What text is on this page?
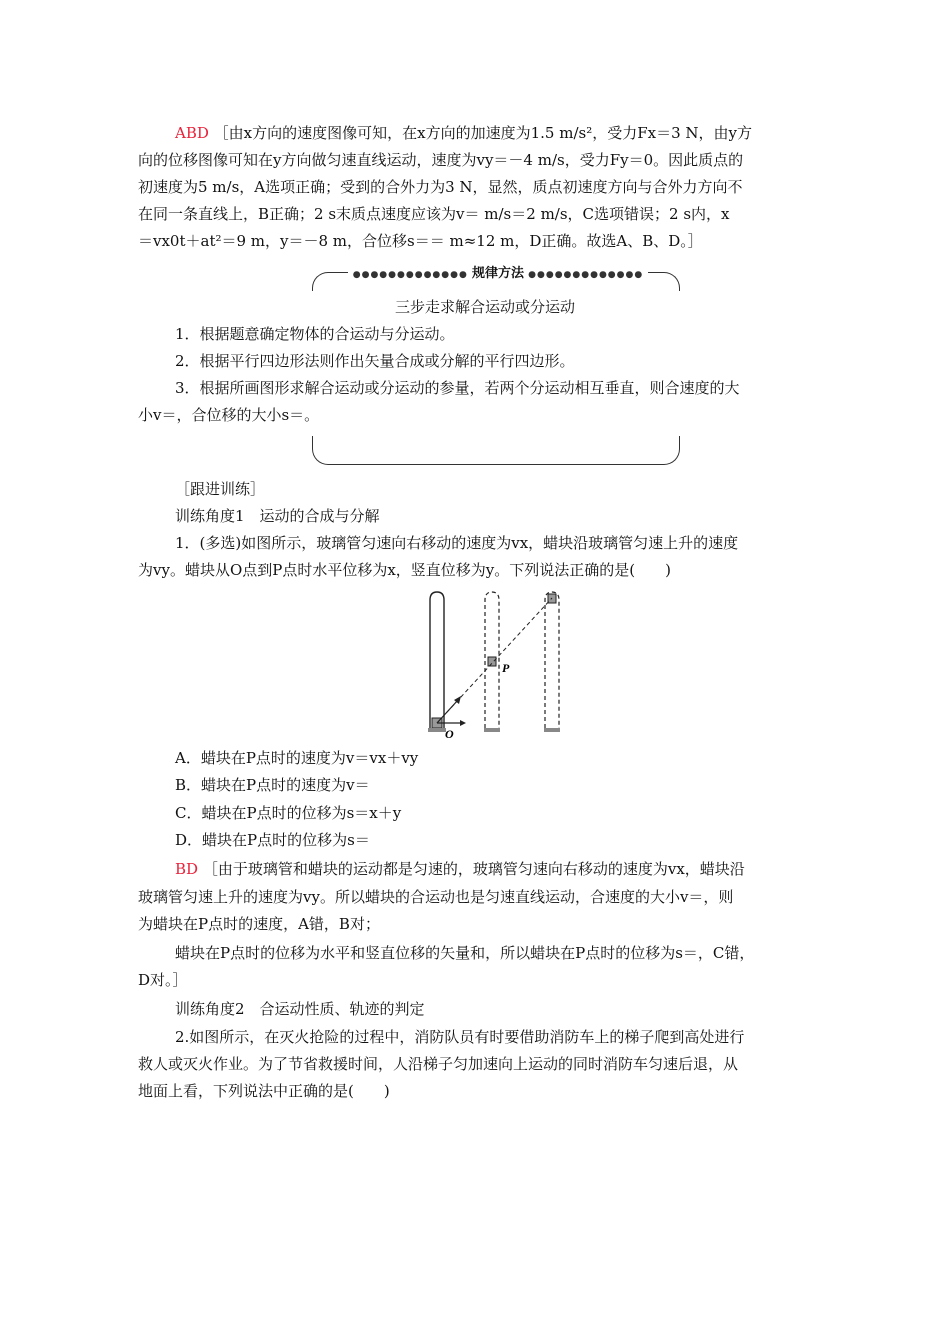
ABD ［由x方向的速度图像可知，在x方向的加速度为1.5 m/s²，受力Fx＝3 N，由y方
向的位移图像可知在y方向做匀速直线运动，速度为vy＝－4 m/s，受力Fy＝0。因此质点的
初速度为5 m/s，A选项正确；受到的合外力为3 N，显然，质点初速度方向与合外力方向不
在同一条直线上，B正确；2 s末质点速度应该为v＝ m/s＝2 m/s，C选项错误；2 s内，x
＝vx0t＋at²＝9 m，y＝－8 m，合位移s＝＝ m≈12 m，D正确。故选A、B、D。］
●●●●●●●●●●●●● 规律方法 ●●●●●●●●●●●●●
三步走求解合运动或分运动
1．根据题意确定物体的合运动与分运动。
2．根据平行四边形法则作出矢量合成或分解的平行四边形。
3．根据所画图形求解合运动或分运动的参量，若两个分运动相互垂直，则合速度的大
小v＝，合位移的大小s＝。
［跟进训练］
训练角度1　运动的合成与分解
1．(多选)如图所示，玻璃管匀速向右移动的速度为vx，蜡块沿玻璃管匀速上升的速度
为vy。蜡块从O点到P点时水平位移为x，竖直位移为y。下列说法正确的是(　　)
P
O
A．蜡块在P点时的速度为v＝vx＋vy
B．蜡块在P点时的速度为v＝
C．蜡块在P点时的位移为s＝x＋y
D．蜡块在P点时的位移为s＝
BD ［由于玻璃管和蜡块的运动都是匀速的，玻璃管匀速向右移动的速度为vx，蜡块沿
玻璃管匀速上升的速度为vy。所以蜡块的合运动也是匀速直线运动，合速度的大小v＝，则
为蜡块在P点时的速度，A错，B对；
蜡块在P点时的位移为水平和竖直位移的矢量和，所以蜡块在P点时的位移为s＝，C错，
D对。］
训练角度2　合运动性质、轨迹的判定
2.如图所示，在灭火抢险的过程中，消防队员有时要借助消防车上的梯子爬到高处进行
救人或灭火作业。为了节省救援时间，人沿梯子匀加速向上运动的同时消防车匀速后退，从
地面上看，下列说法中正确的是(　　)
